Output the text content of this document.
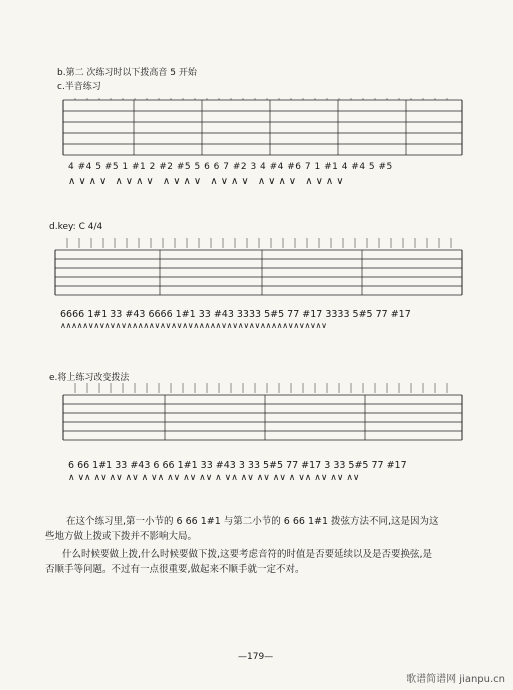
b.第二 次练习时以下拨高音 5 开始
c.半音练习
d.key: C 4/4
e.将上练习改变拨法
4 #4 5 #5 1 #1 2 #2 #5 5 6 6 7 #2 3 4 #4 #6 7 1 #1 4 #4 5 #5
∧∨∧∨ ∧∨∧∨ ∧∨∧∨ ∧∨∧∨ ∧∨∧∨ ∧∨∧∨
6666 1#1 33 #43 6666 1#1 33 #43 3333 5#5 77 #17 3333 5#5 77 #17
∧∧∧∧∧∨∧∨∧∨∧∨∧∧∧∧∧∨∧∨∧∨∧∨∧∧∧∧∧∨∧∨∧∨∧∨∧∧∧∧∧∨∧∨∧∨∧∨
6 66 1#1 33 #43 6 66 1#1 33 #43 3 33 5#5 77 #17 3 33 5#5 77 #17
∧ ∨∧ ∧∨ ∧∨ ∧∨ ∧ ∨∧ ∧∨ ∧∨ ∧∨ ∧ ∨∧ ∧∨ ∧∨ ∧∨ ∧ ∨∧ ∧∨ ∧∨ ∧∨
在这个练习里,第一小节的 6 66 1#1 与第二小节的 6 66 1#1 拨弦方法不同,这是因为这
些地方做上拨或下拨并不影响大局。
什么时候要做上拨,什么时候要做下拨,这要考虑音符的时值是否要延续以及是否要换弦,是
否顺手等问题。不过有一点很重要,做起来不顺手就一定不对。
—179—
歌谱简谱网 jianpu.cn
